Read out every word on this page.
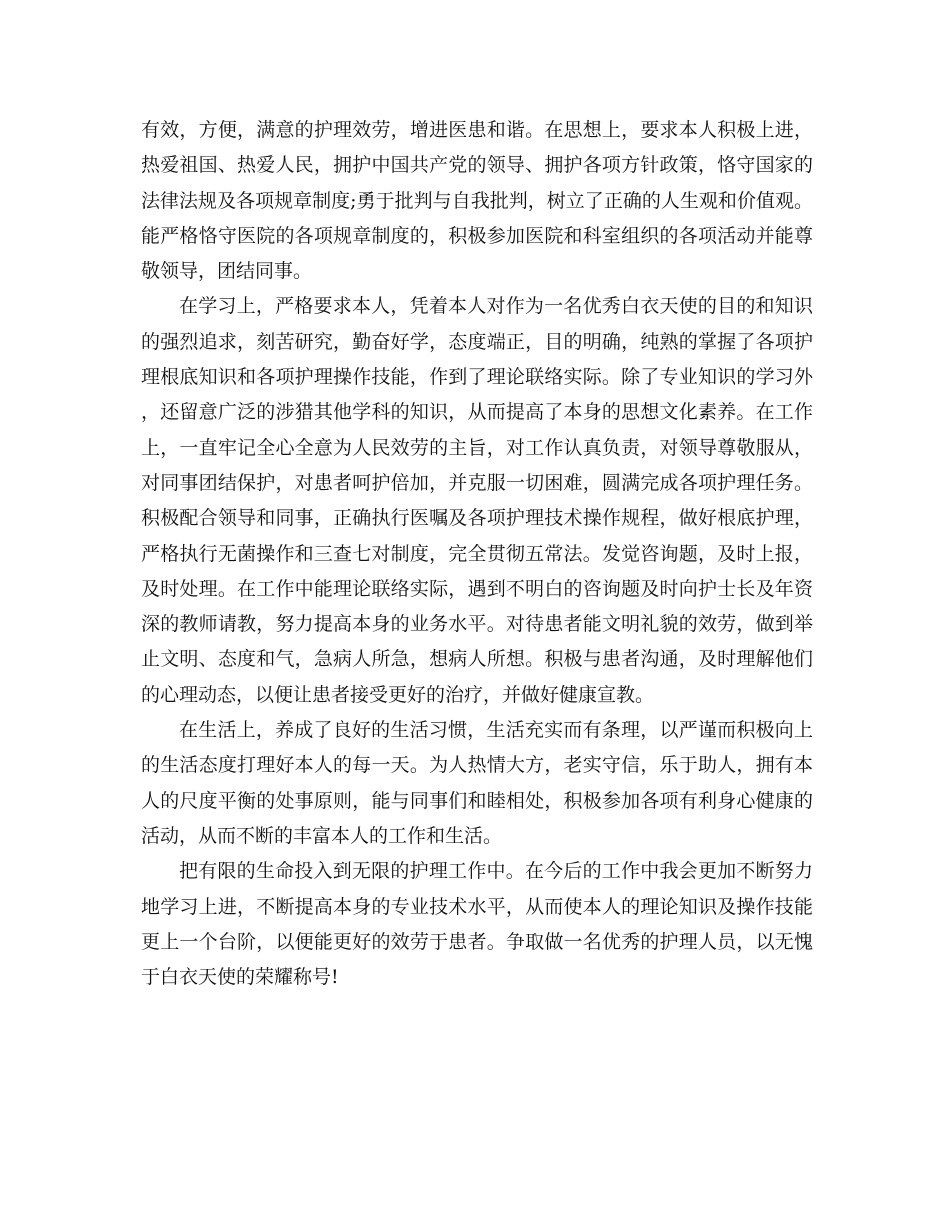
有效，方便，满意的护理效劳，增进医患和谐。在思想上，要求本人积极上进，热爱祖国、热爱人民，拥护中国共产党的领导、拥护各项方针政策，恪守国家的法律法规及各项规章制度;勇于批判与自我批判，树立了正确的人生观和价值观。能严格恪守医院的各项规章制度的，积极参加医院和科室组织的各项活动并能尊敬领导，团结同事。

在学习上，严格要求本人，凭着本人对作为一名优秀白衣天使的目的和知识的强烈追求，刻苦研究，勤奋好学，态度端正，目的明确，纯熟的掌握了各项护理根底知识和各项护理操作技能，作到了理论联络实际。除了专业知识的学习外，还留意广泛的涉猎其他学科的知识，从而提高了本身的思想文化素养。在工作上，一直牢记全心全意为人民效劳的主旨，对工作认真负责，对领导尊敬服从，对同事团结保护，对患者呵护倍加，并克服一切困难，圆满完成各项护理任务。积极配合领导和同事，正确执行医嘱及各项护理技术操作规程，做好根底护理，严格执行无菌操作和三查七对制度，完全贯彻五常法。发觉咨询题，及时上报，及时处理。在工作中能理论联络实际，遇到不明白的咨询题及时向护士长及年资深的教师请教，努力提高本身的业务水平。对待患者能文明礼貌的效劳，做到举止文明、态度和气，急病人所急，想病人所想。积极与患者沟通，及时理解他们的心理动态，以便让患者接受更好的治疗，并做好健康宣教。

在生活上，养成了良好的生活习惯，生活充实而有条理，以严谨而积极向上的生活态度打理好本人的每一天。为人热情大方，老实守信，乐于助人，拥有本人的尺度平衡的处事原则，能与同事们和睦相处，积极参加各项有利身心健康的活动，从而不断的丰富本人的工作和生活。

把有限的生命投入到无限的护理工作中。在今后的工作中我会更加不断努力地学习上进，不断提高本身的专业技术水平，从而使本人的理论知识及操作技能更上一个台阶，以便能更好的效劳于患者。争取做一名优秀的护理人员，以无愧于白衣天使的荣耀称号!
